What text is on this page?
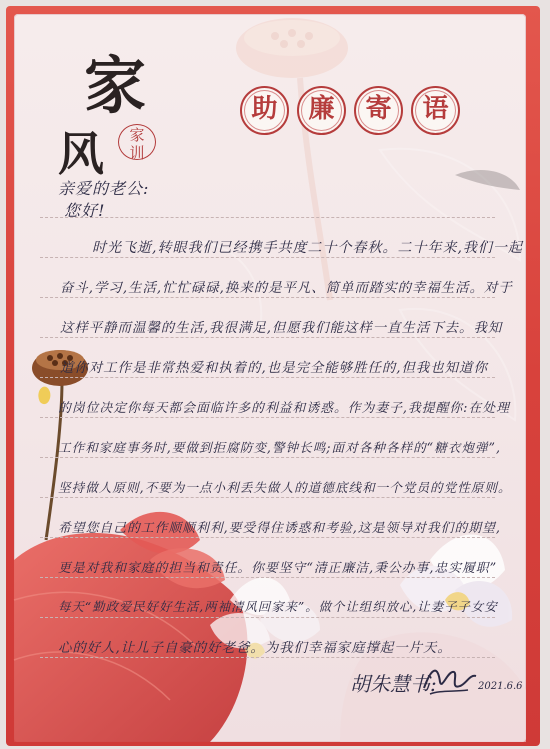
家
风	家
训
助	廉	寄	语
亲爱的老公:
您好!
时光飞逝,转眼我们已经携手共度二十个春秋。二十年来,我们一起
奋斗,学习,生活,忙忙碌碌,换来的是平凡、简单而踏实的幸福生活。对于
这样平静而温馨的生活,我很满足,但愿我们能这样一直生活下去。我知
道你对工作是非常热爱和执着的,也是完全能够胜任的,但我也知道你
的岗位决定你每天都会面临许多的利益和诱惑。作为妻子,我提醒你:在处理
工作和家庭事务时,要做到拒腐防变,警钟长鸣;面对各种各样的“糖衣炮弹”,
坚持做人原则,不要为一点小利丢失做人的道德底线和一个党员的党性原则。
希望您自己的工作顺顺利利,要受得住诱惑和考验,这是领导对我们的期望,
更是对我和家庭的担当和责任。你要坚守“清正廉洁,秉公办事,忠实履职”
每天“勤政爱民好好生活,两袖清风回家来”。做个让组织放心,让妻子子女安
心的好人,让儿子自豪的好老爸。为我们幸福家庭撑起一片天。
胡朱慧书:	2021.6.6
